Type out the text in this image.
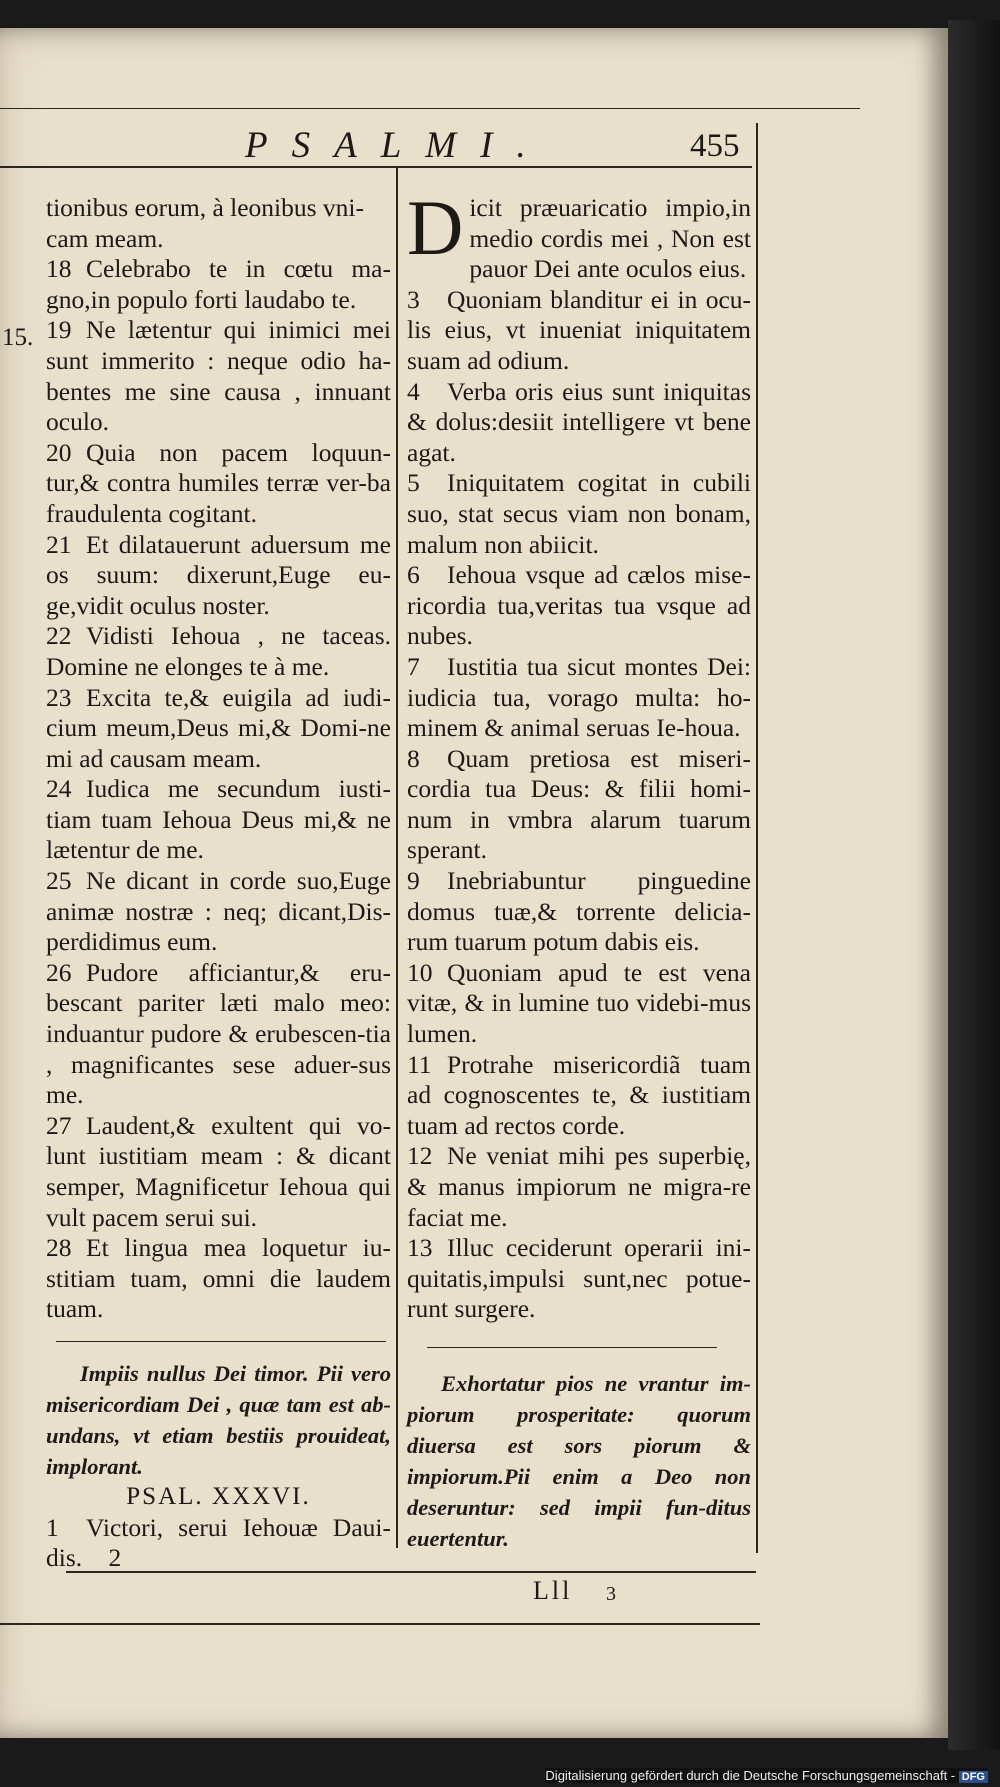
PSALMI.	455
15.

tionibus eorum, à leonibus vni-

cam meam.

18 Celebrabo te in cœtu ma-gno,in populo forti laudabo te.

19 Ne lætentur qui inimici mei sunt immerito : neque odio ha-bentes me sine causa , innuant oculo.

20 Quia non pacem loquun-tur,& contra humiles terræ ver-ba fraudulenta cogitant.

21 Et dilatauerunt aduersum me os suum: dixerunt,Euge eu-ge,vidit oculus noster.

22 Vidisti Iehoua , ne taceas. Domine ne elonges te à me.

23 Excita te,& euigila ad iudi-cium meum,Deus mi,& Domi-ne mi ad causam meam.

24 Iudica me secundum iusti-tiam tuam Iehoua Deus mi,& ne lætentur de me.

25 Ne dicant in corde suo,Euge animæ nostræ : neq; dicant,Dis-perdidimus eum.

26 Pudore afficiantur,& eru-bescant pariter læti malo meo: induantur pudore & erubescen-tia , magnificantes sese aduer-sus me.

27 Laudent,& exultent qui vo-lunt iustitiam meam : & dicant semper, Magnificetur Iehoua qui vult pacem serui sui.

28 Et lingua mea loquetur iu-stitiam tuam, omni die laudem tuam.

Impiis nullus Dei timor. Pii vero misericordiam Dei , quæ tam est ab-undans, vt etiam bestiis prouideat, implorant.

PSAL. XXXVI.

1 Victori, serui Iehouæ Daui-dis. 2

Dicit præuaricatio impio,in medio cordis mei , Non est pauor Dei ante oculos eius.

3 Quoniam blanditur ei in ocu-lis eius, vt inueniat iniquitatem suam ad odium.

4 Verba oris eius sunt iniquitas & dolus:desiit intelligere vt bene agat.

5 Iniquitatem cogitat in cubili suo, stat secus viam non bonam, malum non abiicit.

6 Iehoua vsque ad cælos mise-ricordia tua,veritas tua vsque ad nubes.

7 Iustitia tua sicut montes Dei: iudicia tua, vorago multa: ho-minem & animal seruas Ie-houa.

8 Quam pretiosa est miseri-cordia tua Deus: & filii homi-num in vmbra alarum tuarum sperant.

9 Inebriabuntur pinguedine domus tuæ,& torrente delicia-rum tuarum potum dabis eis.

10 Quoniam apud te est vena vitæ, & in lumine tuo videbi-mus lumen.

11 Protrahe misericordiã tuam ad cognoscentes te, & iustitiam tuam ad rectos corde.

12 Ne veniat mihi pes superbię, & manus impiorum ne migra-re faciat me.

13 Illuc ceciderunt operarii ini-quitatis,impulsi sunt,nec potue-runt surgere.

Exhortatur pios ne vrantur im-piorum prosperitate: quorum diuersa est sors piorum & impiorum.Pii enim a Deo non deseruntur: sed impii fun-ditus euertentur.

Lll 3
Digitalisierung gefördert durch die Deutsche Forschungsgemeinschaft - DFG
